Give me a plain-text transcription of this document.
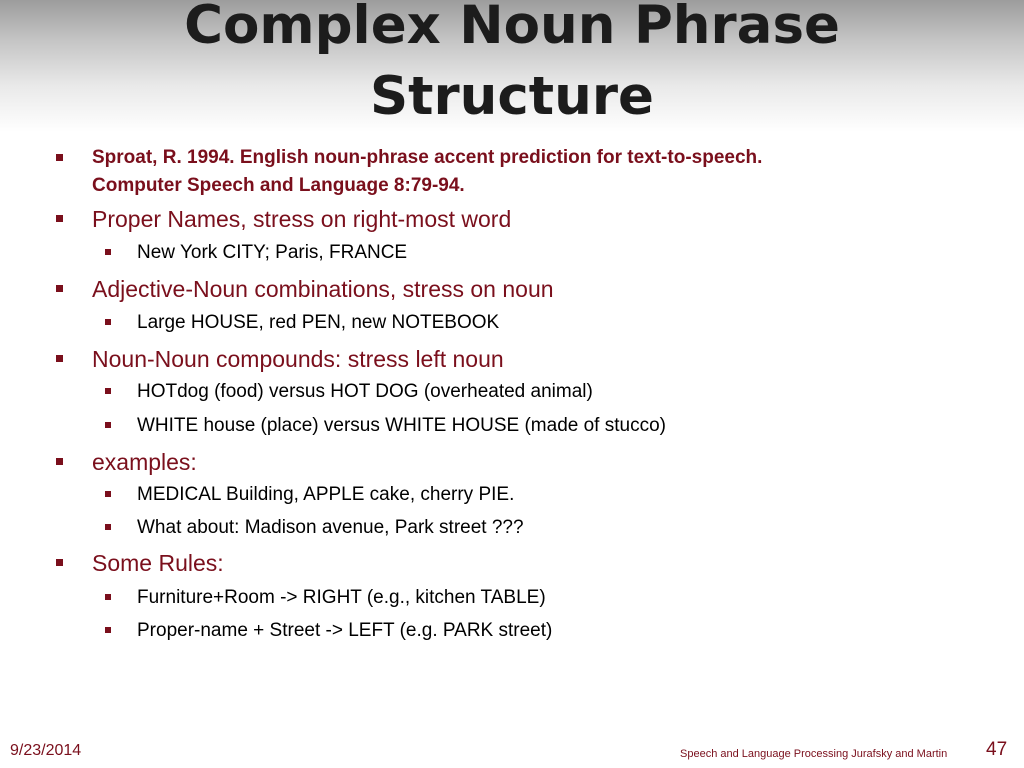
Complex Noun Phrase
Structure
Sproat, R. 1994. English noun-phrase accent prediction for text-to-speech.
Computer Speech and Language 8:79-94.
Proper Names, stress on right-most word
New York CITY; Paris, FRANCE
Adjective-Noun combinations, stress on noun
Large HOUSE, red PEN, new NOTEBOOK
Noun-Noun compounds: stress left noun
HOTdog (food) versus HOT DOG (overheated animal)
WHITE house (place) versus WHITE HOUSE (made of stucco)
examples:
MEDICAL Building, APPLE cake, cherry PIE.
What about: Madison avenue, Park street ???
Some Rules:
Furniture+Room -> RIGHT (e.g., kitchen TABLE)
Proper-name + Street -> LEFT (e.g. PARK street)
9/23/2014	Speech and Language Processing Jurafsky and Martin 47
